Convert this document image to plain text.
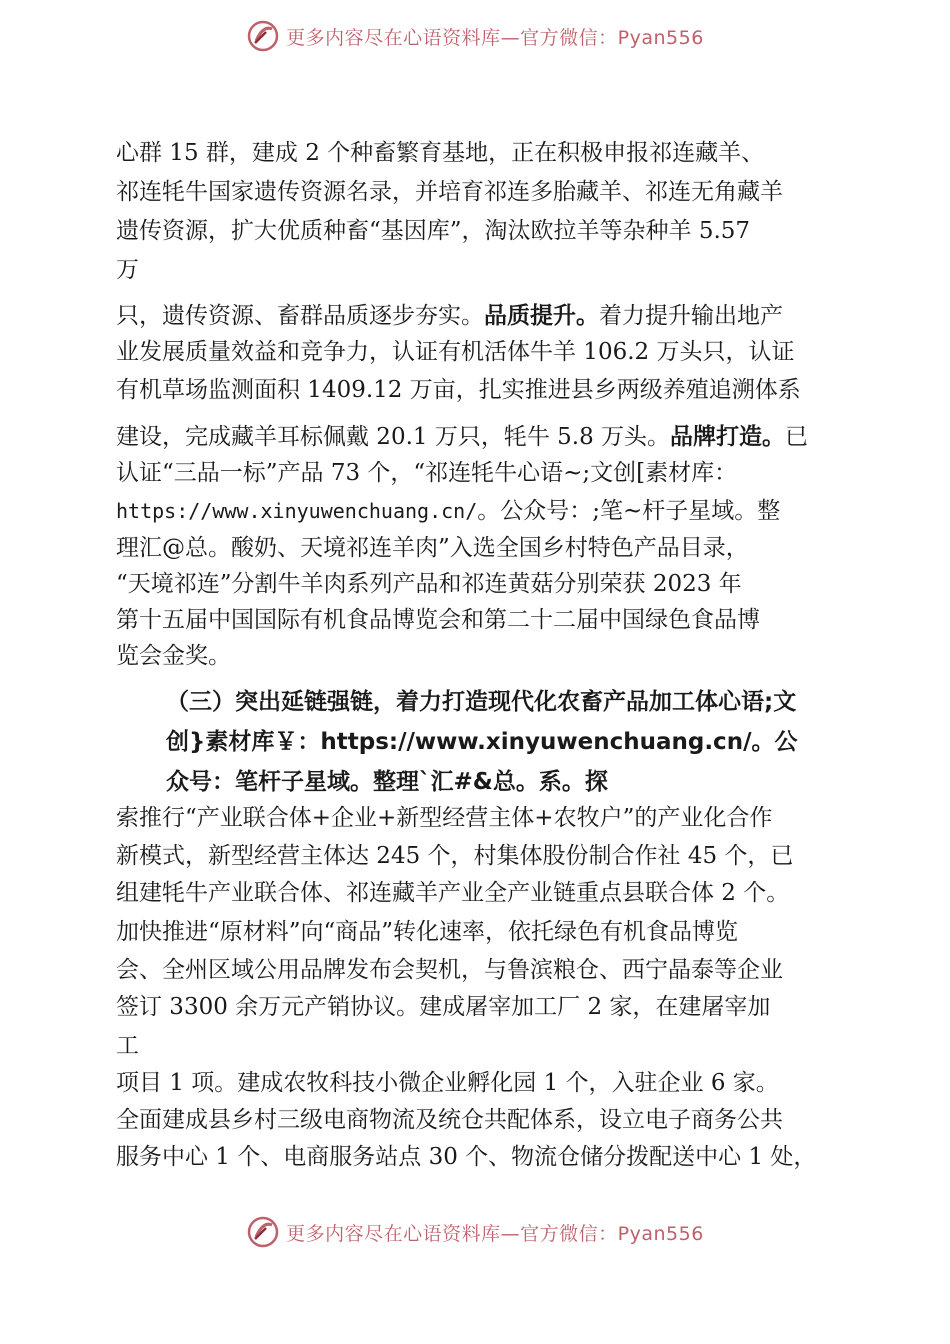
更多内容尽在心语资料库—官方微信：Pyan556
心群 15 群，建成 2 个种畜繁育基地，正在积极申报祁连藏羊、
祁连牦牛国家遗传资源名录，并培育祁连多胎藏羊、祁连无角藏羊
遗传资源，扩大优质种畜“基因库”，淘汰欧拉羊等杂种羊 5.57
万
只，遗传资源、畜群品质逐步夯实。品质提升。着力提升输出地产
业发展质量效益和竞争力，认证有机活体牛羊 106.2 万头只，认证
有机草场监测面积 1409.12 万亩，扎实推进县乡两级养殖追溯体系
建设，完成藏羊耳标佩戴 20.1 万只，牦牛 5.8 万头。品牌打造。已
认证“三品一标”产品 73 个，“祁连牦牛心语~;文创[素材库：
https://www.xinyuwenchuang.cn/。公众号：;笔~杆子星域。整
理汇@总。酸奶、天境祁连羊肉”入选全国乡村特色产品目录，
“天境祁连”分割牛羊肉系列产品和祁连黄菇分别荣获 2023 年
第十五届中国国际有机食品博览会和第二十二届中国绿色食品博
览会金奖。
（三）突出延链强链，着力打造现代化农畜产品加工体心语;文
创}素材库￥：https://www.xinyuwenchuang.cn/。公
众号：笔杆子星域。整理`汇#&总。系。探
索推行“产业联合体+企业+新型经营主体+农牧户”的产业化合作
新模式，新型经营主体达 245 个，村集体股份制合作社 45 个，已
组建牦牛产业联合体、祁连藏羊产业全产业链重点县联合体 2 个。
加快推进“原材料”向“商品”转化速率，依托绿色有机食品博览
会、全州区域公用品牌发布会契机，与鲁滨粮仓、西宁晶泰等企业
签订 3300 余万元产销协议。建成屠宰加工厂 2 家，在建屠宰加
工
项目 1 项。建成农牧科技小微企业孵化园 1 个，入驻企业 6 家。
全面建成县乡村三级电商物流及统仓共配体系，设立电子商务公共
服务中心 1 个、电商服务站点 30 个、物流仓储分拨配送中心 1 处，
更多内容尽在心语资料库—官方微信：Pyan556
